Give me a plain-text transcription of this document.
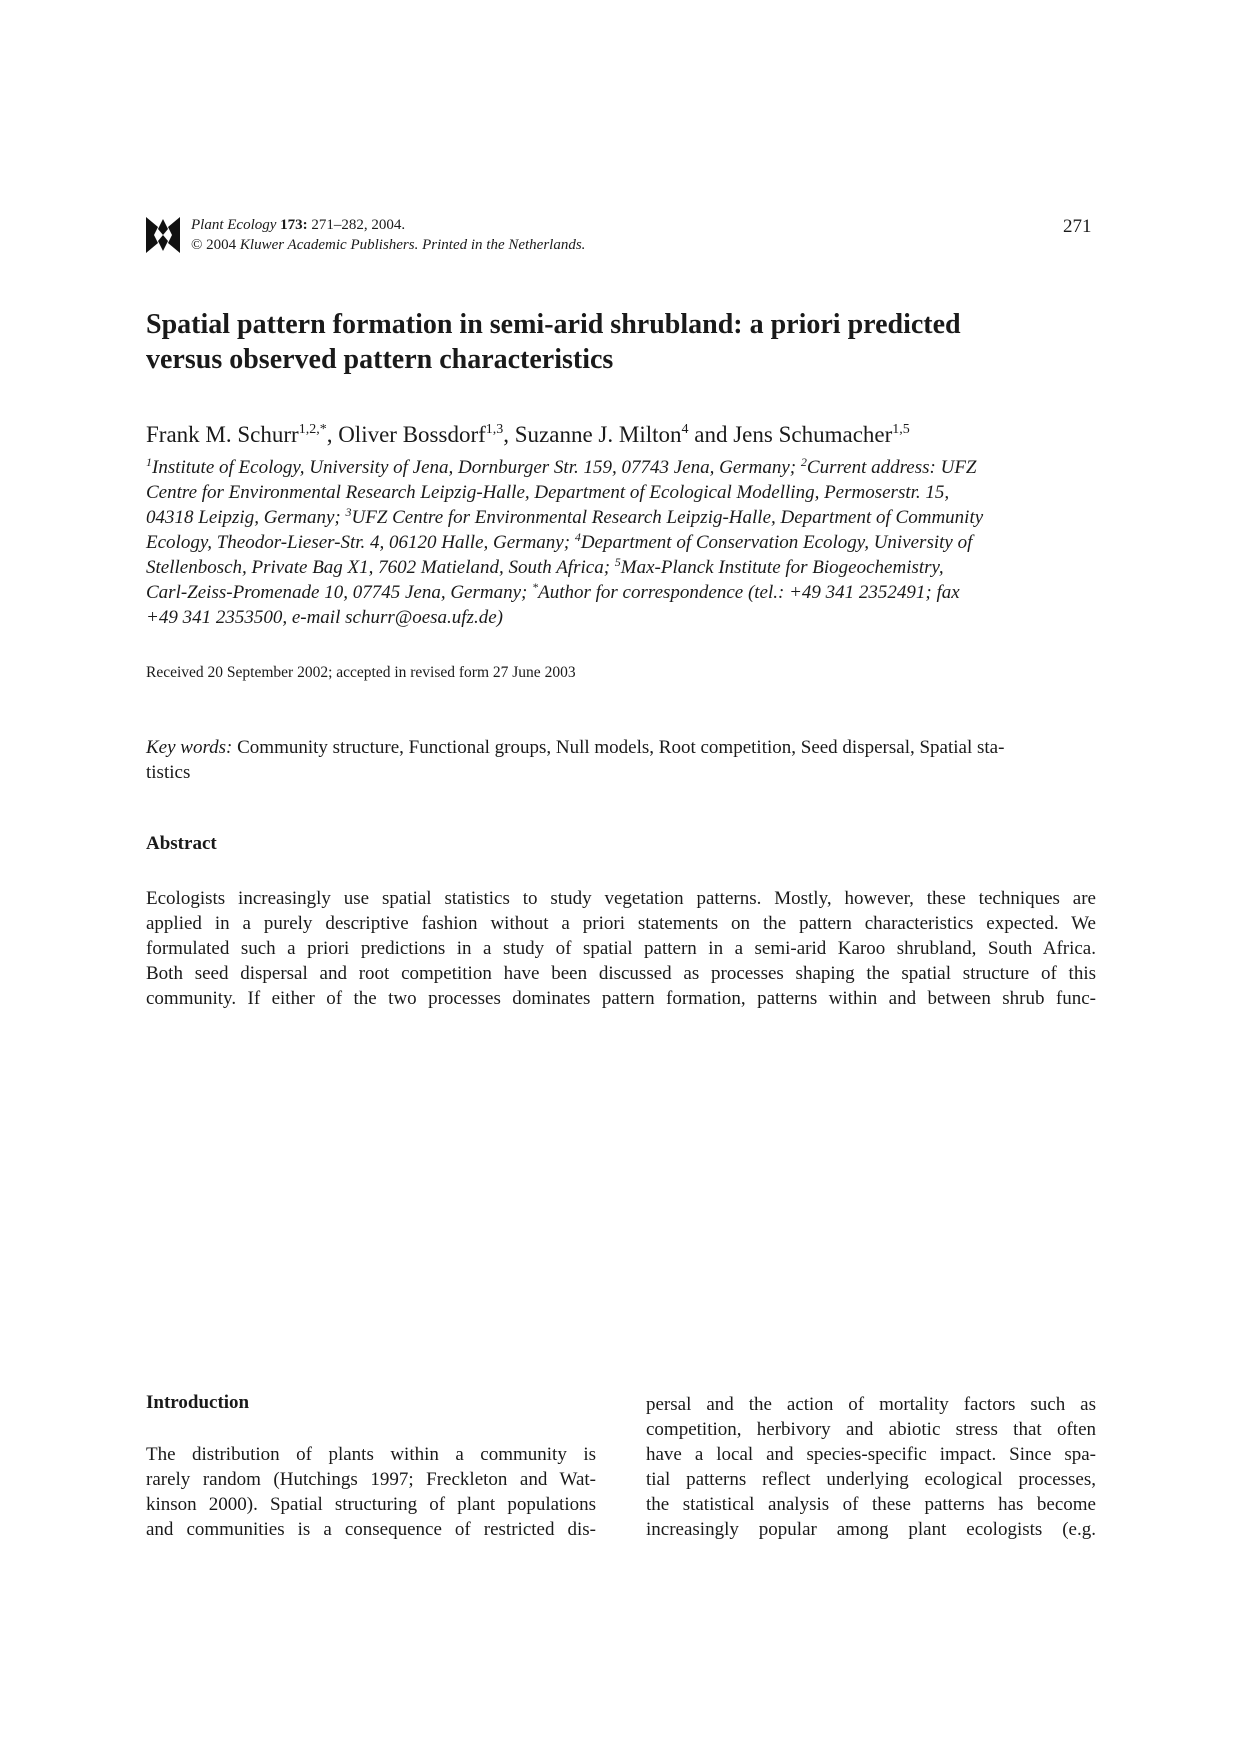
Plant Ecology 173: 271–282, 2004.
© 2004 Kluwer Academic Publishers. Printed in the Netherlands.
271
Spatial pattern formation in semi-arid shrubland: a priori predicted
versus observed pattern characteristics
Frank M. Schurr$^{1,2,*}$, Oliver Bossdorf$^{1,3}$, Suzanne J. Milton$^4$ and Jens Schumacher$^{1,5}$
$^1$Institute of Ecology, University of Jena, Dornburger Str. 159, 07743 Jena, Germany; $^2$Current address: UFZ
Centre for Environmental Research Leipzig-Halle, Department of Ecological Modelling, Permoserstr. 15,
04318 Leipzig, Germany; $^3$UFZ Centre for Environmental Research Leipzig-Halle, Department of Community
Ecology, Theodor-Lieser-Str. 4, 06120 Halle, Germany; $^4$Department of Conservation Ecology, University of
Stellenbosch, Private Bag X1, 7602 Matieland, South Africa; $^5$Max-Planck Institute for Biogeochemistry,
Carl-Zeiss-Promenade 10, 07745 Jena, Germany; *Author for correspondence (tel.: +49 341 2352491; fax
+49 341 2353500, e-mail schurr@oesa.ufz.de)
Received 20 September 2002; accepted in revised form 27 June 2003
Key words: Community structure, Functional groups, Null models, Root competition, Seed dispersal, Spatial sta-
tistics
Abstract
Ecologists increasingly use spatial statistics to study vegetation patterns. Mostly, however, these techniques are
applied in a purely descriptive fashion without a priori statements on the pattern characteristics expected. We
formulated such a priori predictions in a study of spatial pattern in a semi-arid Karoo shrubland, South Africa.
Both seed dispersal and root competition have been discussed as processes shaping the spatial structure of this
community. If either of the two processes dominates pattern formation, patterns within and between shrub func-
Introduction
The distribution of plants within a community is
rarely random (Hutchings 1997; Freckleton and Wat-
kinson 2000). Spatial structuring of plant populations
and communities is a consequence of restricted dis-
persal and the action of mortality factors such as
competition, herbivory and abiotic stress that often
have a local and species-specific impact. Since spa-
tial patterns reflect underlying ecological processes,
the statistical analysis of these patterns has become
increasingly popular among plant ecologists (e.g.
